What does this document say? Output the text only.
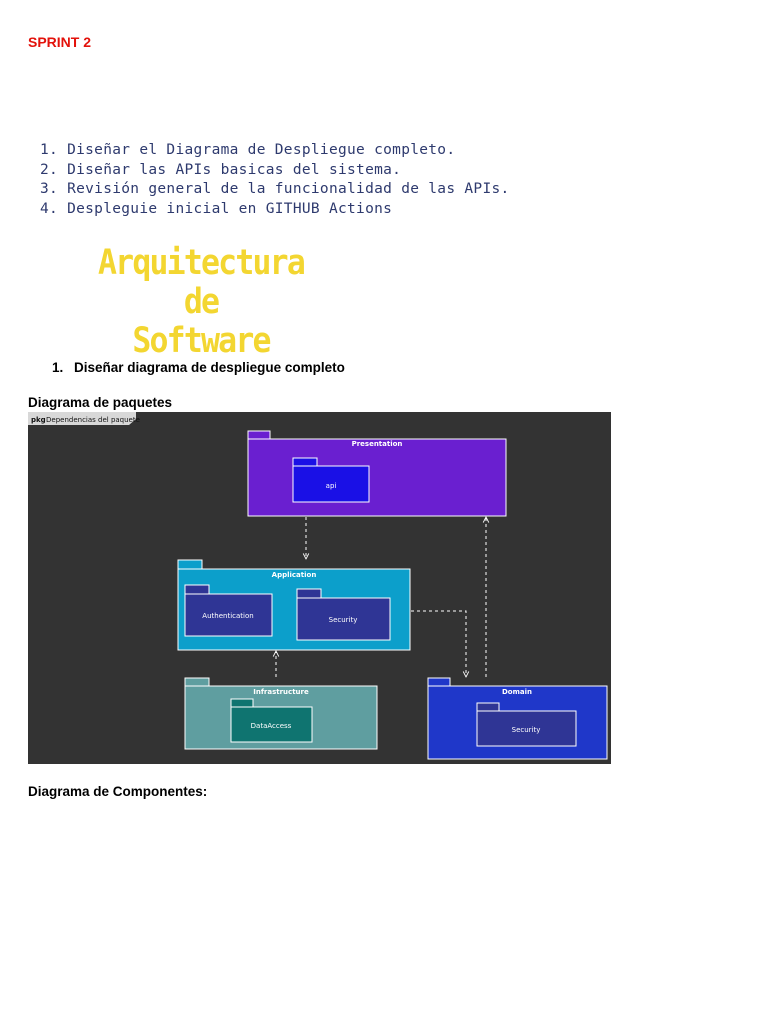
SPRINT 2
1. Diseñar el Diagrama de Despliegue completo.
2. Diseñar las APIs basicas del sistema.
3. Revisión general de la funcionalidad de las APIs.
4. Despleguie inicial en GITHUB Actions
Arquitectura de
Software
1. Diseñar diagrama de despliegue completo
Diagrama de paquetes
pkg Dependencias del paquete
Presentation
api
Application
Authentication	Security
Infrastructure
DataAccess
Domain
Security
Diagrama de Componentes:
